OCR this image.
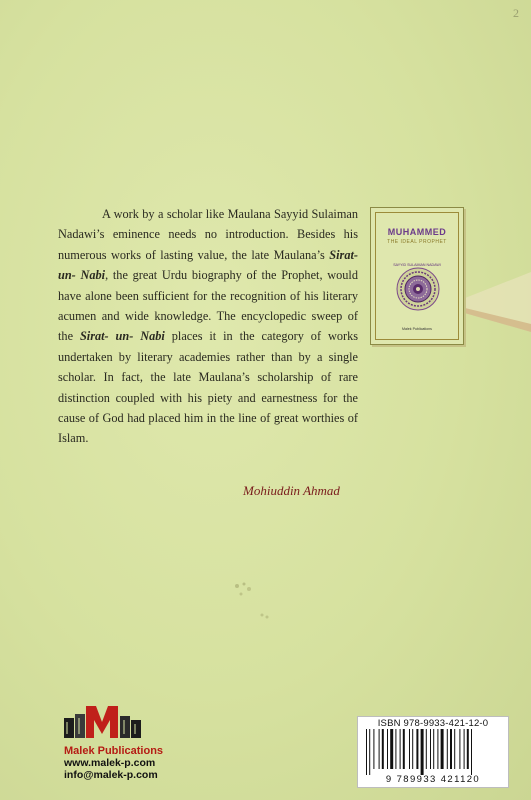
2

A work by a scholar like Maulana Sayyid Sulaiman Nadawi’s eminence needs no introduction. Besides his numerous works of lasting value, the late Maulana’s Sirat- un- Nabi, the great Urdu biography of the Prophet, would have alone been sufficient for the recognition of his literary acumen and wide knowledge. The encyclopedic sweep of the Sirat- un- Nabi places it in the category of works undertaken by literary academies rather than by a single scholar. In fact, the late Maulana’s scholarship of rare distinction coupled with his piety and earnestness for the cause of God had placed him in the line of great worthies of Islam.

Mohiuddin Ahmad
MUHAMMED
THE IDEAL PROPHET
SAYYID SULAIMAN NADAWI
Malek Publications
Malek Publications
www.malek-p.com
info@malek-p.com
ISBN 978-9933-421-12-0
9 789933 421120
